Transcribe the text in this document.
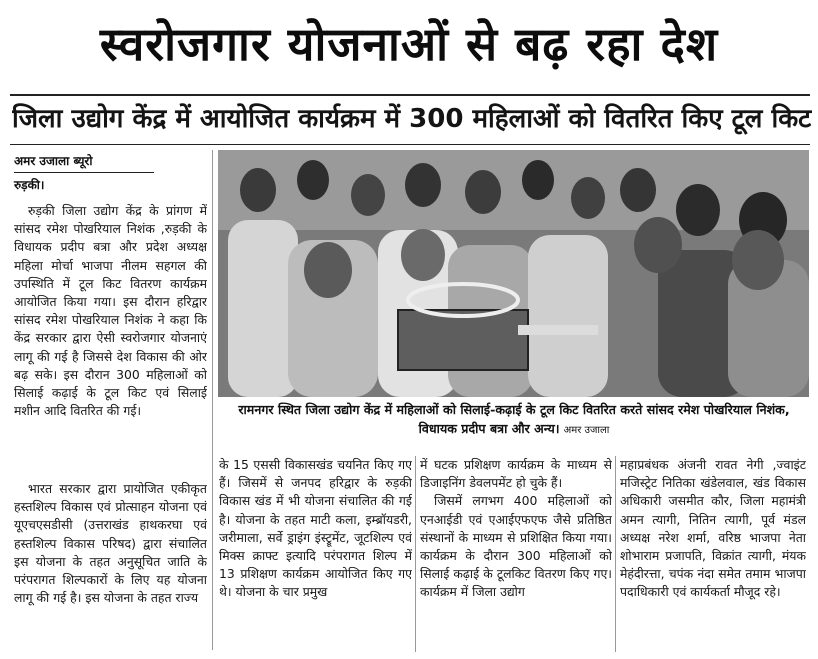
स्वरोजगार योजनाओं से बढ़ रहा देश
जिला उद्योग केंद्र में आयोजित कार्यक्रम में 300 महिलाओं को वितरित किए टूल किट
अमर उजाला ब्यूरो
रुड़की।

रुड़की जिला उद्योग केंद्र के प्रांगण में सांसद रमेश पोखरियाल निशंक ,रुड़की के विधायक प्रदीप बत्रा और प्रदेश अध्यक्ष महिला मोर्चा भाजपा नीलम सहगल की उपस्थिति में टूल किट वितरण कार्यक्रम आयोजित किया गया। इस दौरान हरिद्वार सांसद रमेश पोखरियाल निशंक ने कहा कि केंद्र सरकार द्वारा ऐसी स्वरोजगार योजनाएं लागू की गई है जिससे देश विकास की ओर बढ़ सके। इस दौरान 300 महिलाओं को सिलाई कढ़ाई के टूल किट एवं सिलाई मशीन आदि वितरित की गई।

भारत सरकार द्वारा प्रायोजित एकीकृत हस्तशिल्प विकास एवं प्रोत्साहन योजना एवं यूएचएसडीसी (उत्तराखंड हाथकरघा एवं हस्तशिल्प विकास परिषद) द्वारा संचालित इस योजना के तहत अनुसूचित जाति के परंपरागत शिल्पकारों के लिए यह योजना लागू की गई है। इस योजना के तहत राज्य

रामनगर स्थित जिला उद्योग केंद्र में महिलाओं को सिलाई-कढ़ाई के टूल किट वितरित करते सांसद रमेश पोखरियाल निशंक, विधायक प्रदीप बत्रा और अन्य। अमर उजाला

के 15 एससी विकासखंड चयनित किए गए हैं। जिसमें से जनपद हरिद्वार के रुड़की विकास खंड में भी योजना संचालित की गई है। योजना के तहत माटी कला, इम्ब्रॉयडरी, जरीमाला, सर्वे ड्राइंग इंस्ट्रूमेंट, जूटशिल्प एवं मिक्स क्राफ्ट इत्यादि परंपरागत शिल्प में 13 प्रशिक्षण कार्यक्रम आयोजित किए गए थे। योजना के चार प्रमुख

में घटक प्रशिक्षण कार्यक्रम के माध्यम से डिजाइनिंग डेवलपमेंट हो चुके हैं।

जिसमें लगभग 400 महिलाओं को एनआईडी एवं एआईएफएफ जैसे प्रतिष्ठित संस्थानों के माध्यम से प्रशिक्षित किया गया। कार्यक्रम के दौरान 300 महिलाओं को सिलाई कढ़ाई के टूलकिट वितरण किए गए। कार्यक्रम में जिला उद्योग

महाप्रबंधक अंजनी रावत नेगी ,ज्वाइंट मजिस्ट्रेट नितिका खंडेलवाल, खंड विकास अधिकारी जसमीत कौर, जिला महामंत्री अमन त्यागी, नितिन त्यागी, पूर्व मंडल अध्यक्ष नरेश शर्मा, वरिष्ठ भाजपा नेता शोभाराम प्रजापति, विक्रांत त्यागी, मंयक मेहंदीरत्ता, चपंक नंदा समेत तमाम भाजपा पदाधिकारी एवं कार्यकर्ता मौजूद रहे।
